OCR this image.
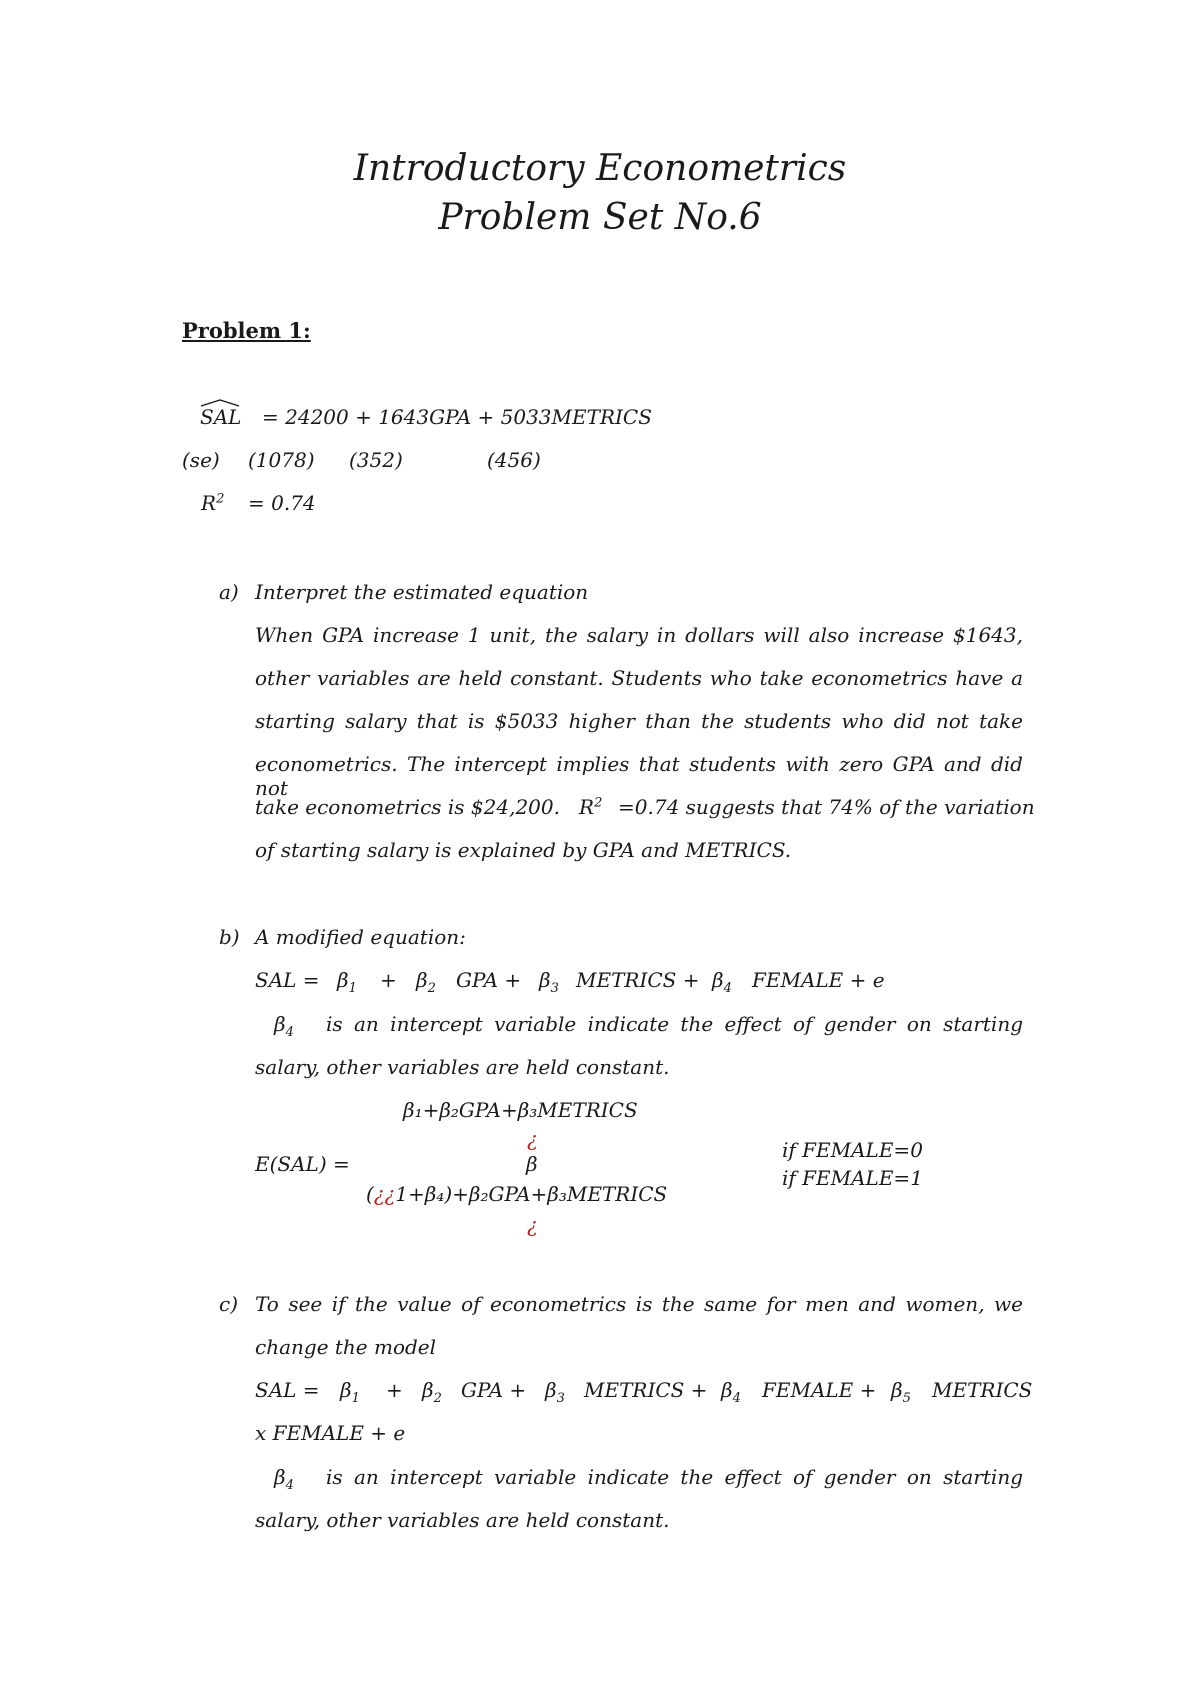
Introductory Econometrics
Problem Set No.6
Problem 1:
SAL = 24200 + 1643GPA + 5033METRICS
(se) (1078) (352)	(456)
$R^2 = 0.74$
a) Interpret the estimated equation
When GPA increase 1 unit, the salary in dollars will also increase $1643,
other variables are held constant. Students who take econometrics have a
starting salary that is $5033 higher than the students who did not take
econometrics. The intercept implies that students with zero GPA and did not
take econometrics is $24,200. $R^2 =0.74$ suggests that 74% of the variation
of starting salary is explained by GPA and METRICS.
b) A modified equation:
SAL = $\beta_1 + \beta_2$ GPA + $\beta_3$ METRICS + $\beta_4$ FEMALE + e
$\beta_4$ is an intercept variable indicate the effect of gender on starting
salary, other variables are held constant.
β₁+β₂GPA+β₃METRICS
¿
E(SAL) =	β
if FEMALE=0
if FEMALE=1
(¿¿1+β₄)+β₂GPA+β₃METRICS
¿
c) To see if the value of econometrics is the same for men and women, we
change the model
SAL = $\beta_1 + \beta_2$ GPA + $\beta_3$ METRICS + $\beta_4$ FEMALE + $\beta_5$ METRICS
x FEMALE + e
$\beta_4$ is an intercept variable indicate the effect of gender on starting
salary, other variables are held constant.
